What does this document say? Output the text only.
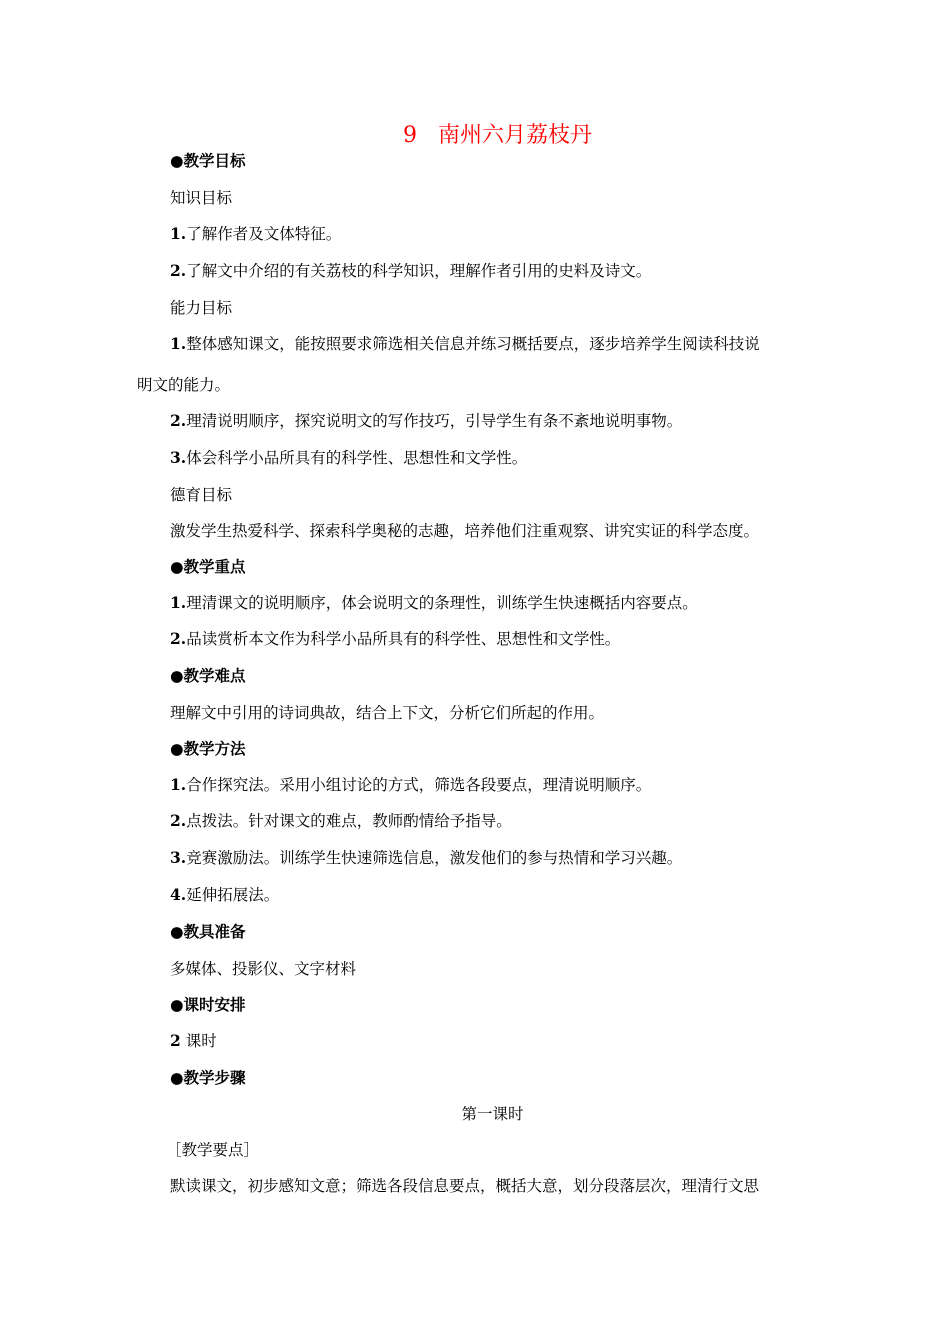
9   南州六月荔枝丹
●教学目标
知识目标
1.了解作者及文体特征。
2.了解文中介绍的有关荔枝的科学知识，理解作者引用的史料及诗文。
能力目标
1.整体感知课文，能按照要求筛选相关信息并练习概括要点，逐步培养学生阅读科技说
明文的能力。
2.理清说明顺序，探究说明文的写作技巧，引导学生有条不紊地说明事物。
3.体会科学小品所具有的科学性、思想性和文学性。
德育目标
激发学生热爱科学、探索科学奥秘的志趣，培养他们注重观察、讲究实证的科学态度。
●教学重点
1.理清课文的说明顺序，体会说明文的条理性，训练学生快速概括内容要点。
2.品读赏析本文作为科学小品所具有的科学性、思想性和文学性。
●教学难点
理解文中引用的诗词典故，结合上下文，分析它们所起的作用。
●教学方法
1.合作探究法。采用小组讨论的方式，筛选各段要点，理清说明顺序。
2.点拨法。针对课文的难点，教师酌情给予指导。
3.竞赛激励法。训练学生快速筛选信息，激发他们的参与热情和学习兴趣。
4.延伸拓展法。
●教具准备
多媒体、投影仪、文字材料
●课时安排
2 课时
●教学步骤
第一课时
［教学要点］
默读课文，初步感知文意；筛选各段信息要点，概括大意，划分段落层次，理清行文思
